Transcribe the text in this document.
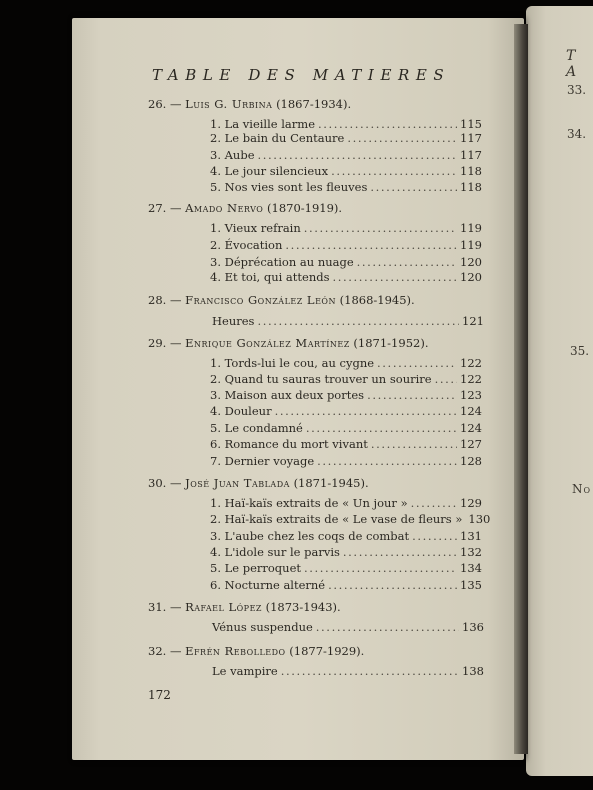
T A
33.
34.
35.
No
TABLE DES MATIERES
26. — Luis G. Urbina (1867-1934).
1. La vieille larme .....	115
2. Le bain du Centaure .....	117
3. Aube .....	117
4. Le jour silencieux .....	118
5. Nos vies sont les fleuves .....	118
27. — Amado Nervo (1870-1919).
1. Vieux refrain .....	119
2. Évocation .....	119
3. Déprécation au nuage .....	120
4. Et toi, qui attends .....	120
28. — Francisco González León (1868-1945).
Heures .....	121
29. — Enrique González Martínez (1871-1952).
1. Tords-lui le cou, au cygne .....	122
2. Quand tu sauras trouver un sourire ..... 122
3. Maison aux deux portes .....	123
4. Douleur .....	124
5. Le condamné .....	124
6. Romance du mort vivant .....	127
7. Dernier voyage .....	128
30. — José Juan Tablada (1871-1945).
1. Haï-kaïs extraits de « Un jour » .....	129
2. Haï-kaïs extraits de « Le vase de fleurs » 130
3. L'aube chez les coqs de combat .....	131
4. L'idole sur le parvis .....	132
5. Le perroquet .....	134
6. Nocturne alterné .....	135
31. — Rafael López (1873-1943).
Vénus suspendue .....	136
32. — Efrén Rebolledo (1877-1929).
Le vampire .....	138
172
